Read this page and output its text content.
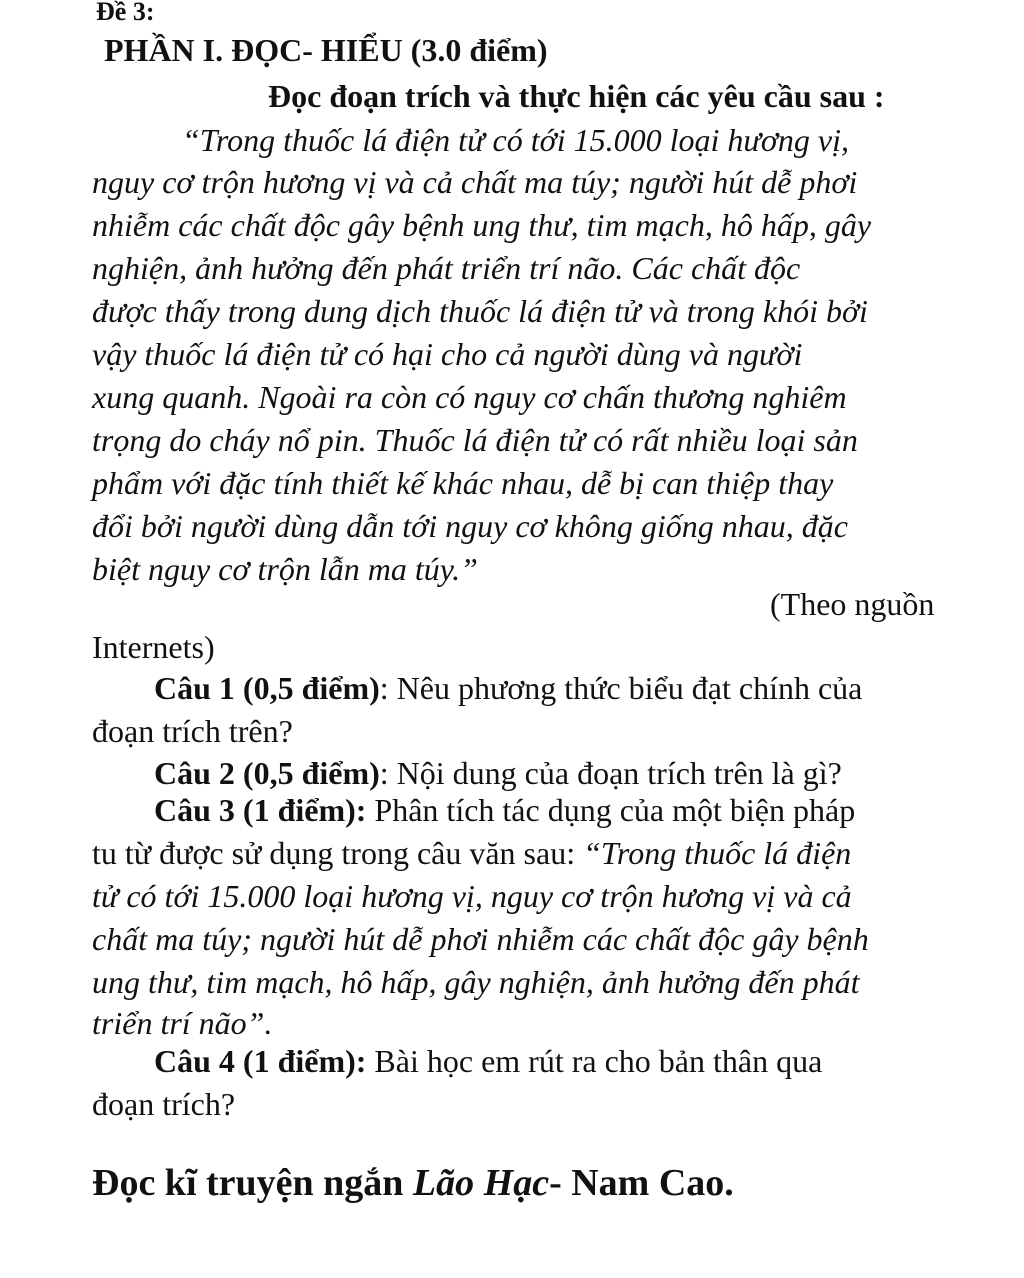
Đề 3:
PHẦN I. ĐỌC- HIỂU (3.0 điểm)
Đọc đoạn trích và thực hiện các yêu cầu sau :
“Trong thuốc lá điện tử có tới 15.000 loại hương vị,
nguy cơ trộn hương vị và cả chất ma túy; người hút dễ phơi
nhiễm các chất độc gây bệnh ung thư, tim mạch, hô hấp, gây
nghiện, ảnh hưởng đến phát triển trí não. Các chất độc
được thấy trong dung dịch thuốc lá điện tử và trong khói bởi
vậy thuốc lá điện tử có hại cho cả người dùng và người
xung quanh. Ngoài ra còn có nguy cơ chấn thương nghiêm
trọng do cháy nổ pin. Thuốc lá điện tử có rất nhiều loại sản
phẩm với đặc tính thiết kế khác nhau, dễ bị can thiệp thay
đổi bởi người dùng dẫn tới nguy cơ không giống nhau, đặc
biệt nguy cơ trộn lẫn ma túy.”
(Theo nguồn
Internets)
Câu 1 (0,5 điểm): Nêu phương thức biểu đạt chính của
đoạn trích trên?
Câu 2 (0,5 điểm): Nội dung của đoạn trích trên là gì?
Câu 3 (1 điểm): Phân tích tác dụng của một biện pháp
tu từ được sử dụng trong câu văn sau: “Trong thuốc lá điện
tử có tới 15.000 loại hương vị, nguy cơ trộn hương vị và cả
chất ma túy; người hút dễ phơi nhiễm các chất độc gây bệnh
ung thư, tim mạch, hô hấp, gây nghiện, ảnh hưởng đến phát
triển trí não”.
Câu 4 (1 điểm): Bài học em rút ra cho bản thân qua
đoạn trích?
Đọc kĩ truyện ngắn Lão Hạc- Nam Cao.
